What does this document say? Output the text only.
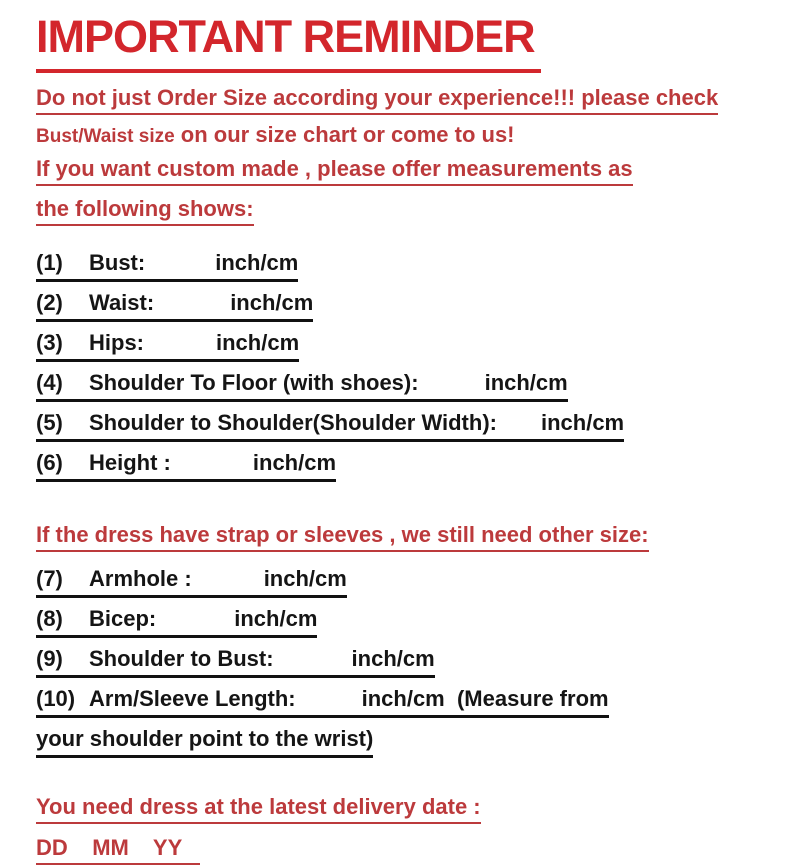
IMPORTANT REMINDER
Do not just Order Size according your experience!!! please check
Bust/Waist size on our size chart or come to us!
If you want custom made , please offer measurements as
the following shows:
(1) Bust:	inch/cm
(2) Waist:	inch/cm
(3) Hips:	inch/cm
(4) Shoulder To Floor (with shoes):	inch/cm
(5) Shoulder to Shoulder(Shoulder Width): inch/cm
(6) Height :	inch/cm
If the dress have strap or sleeves , we still need other size:
(7) Armhole :	inch/cm
(8) Bicep:	inch/cm
(9) Shoulder to Bust:	inch/cm
(10) Arm/Sleeve Length:	inch/cm  (Measure from
your shoulder point to the wrist)
You need dress at the latest delivery date :
DD    MM    YY
